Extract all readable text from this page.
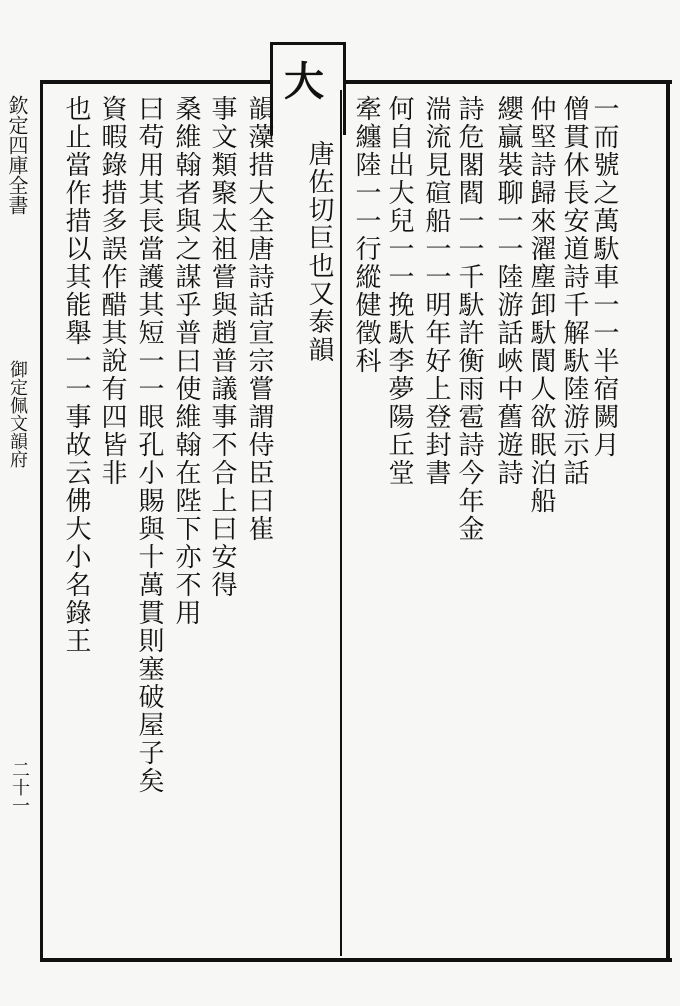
大
欽定四庫全書
御定佩文韻府
二十一
一而號之萬馱車一一半宿闕月
僧貫休長安道詩千解馱陸游示話
仲堅詩歸來濯塵卸馱閬人欲眠泊船
纓贏裝聊一一陸游話峽中舊遊詩
詩危閣閻一一千馱許衡雨雹詩今年金
湍流見碹船一一明年好上登封書
何自出大兒一一挽馱李夢陽丘堂
牽纏陸一一行縱健徵科
唐佐切巨也又泰韻
韻藻措大全唐詩話宣宗嘗謂侍臣曰崔
事文類聚太祖嘗與趙普議事不合上曰安得
桑維翰者與之謀乎普曰使維翰在陛下亦不用
曰苟用其長當護其短一一眼孔小賜與十萬貫則塞破屋子矣
資暇錄措多誤作醋其說有四皆非
也止當作措以其能舉一一事故云佛大小名錄王
